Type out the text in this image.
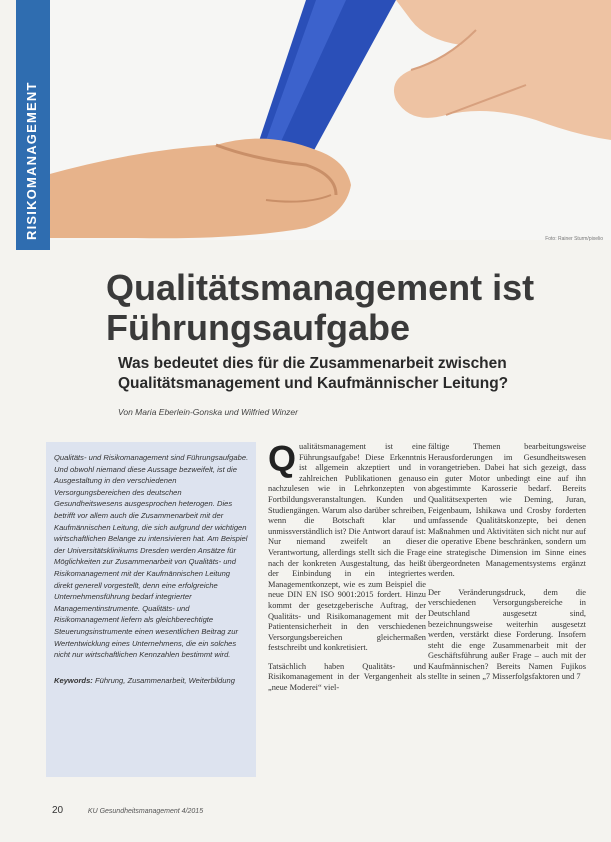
RISIKOMANAGEMENT	Foto: Rainer Sturm/pixelio
Qualitätsmanagement ist
Führungsaufgabe

Was bedeutet dies für die Zusammenarbeit zwischen
Qualitätsmanagement und Kaufmännischer Leitung?

Von Maria Eberlein-Gonska und Wilfried Winzer

Qualitäts- und Risikomanagement sind Führungsaufgabe. Und obwohl niemand diese Aussage bezweifelt, ist die Ausgestaltung in den verschiedenen Versorgungsbereichen des deutschen Gesundheitswesens ausgesprochen heterogen. Dies betrifft vor allem auch die Zusammenarbeit mit der Kaufmännischen Leitung, die sich aufgrund der wichtigen wirtschaftlichen Belange zu intensivieren hat. Am Beispiel der Universitätsklinikums Dresden werden Ansätze für Möglichkeiten zur Zusammenarbeit von Qualitäts- und Risikomanagement mit der Kaufmännischen Leitung direkt generell vorgestellt, denn eine erfolgreiche Unternehmensführung bedarf integrierter Managementinstrumente. Qualitäts- und Risikomanagement liefern als gleichberechtigte Steuerungsinstrumente einen wesentlichen Beitrag zur Wertentwicklung eines Unternehmens, die ein solches nicht nur wirtschaftlichen Kennzahlen bestimmt wird.

Keywords: Führung, Zusammenarbeit, Weiterbildung

Qualitätsmanagement ist eine Führungsaufgabe! Diese Erkenntnis ist allgemein akzeptiert und in zahlreichen Publikationen genauso nachzulesen wie in Lehrkonzepten von Fortbildungsveranstaltungen. Kunden und Studiengängen. Warum also darüber schreiben, wenn die Botschaft klar und unmissverständlich ist? Die Antwort darauf ist: Nur niemand zweifelt an dieser Verantwortung, allerdings stellt sich die Frage nach der konkreten Ausgestaltung, das heißt der Einbindung in ein integriertes Managementkonzept, wie es zum Beispiel die neue DIN EN ISO 9001:2015 fordert. Hinzu kommt der gesetzgeberische Auftrag, der Qualitäts- und Risikomanagement mit der Patientensicherheit in den verschiedenen Versorgungsbereichen gleichermaßen festschreibt und konkretisiert.

Tatsächlich haben Qualitäts- und Risikomanagement in der Vergangenheit als „neue Moderei“ viel-

fältige Themen bearbeitungsweise Herausforderungen im Gesundheitswesen vorangetrieben. Dabei hat sich gezeigt, dass ein guter Motor unbedingt eine auf ihn abgestimmte Karosserie bedarf. Bereits Qualitätsexperten wie Deming, Juran, Feigenbaum, Ishikawa und Crosby forderten umfassende Qualitätskonzepte, bei denen Maßnahmen und Aktivitäten sich nicht nur auf die operative Ebene beschränken, sondern um eine strategische Dimension im Sinne eines übergeordneten Managementsystems ergänzt werden.

Der Veränderungsdruck, dem die verschiedenen Versorgungsbereiche in Deutschland ausgesetzt sind, bezeichnungsweise weiterhin ausgesetzt werden, verstärkt diese Forderung. Insofern steht die enge Zusammenarbeit mit der Geschäftsführung außer Frage – auch mit der Kaufmännischen? Bereits Namen Fujikos stellte in seinen „7 Misserfolgsfaktoren und 7

20	KU Gesundheitsmanagement 4/2015
